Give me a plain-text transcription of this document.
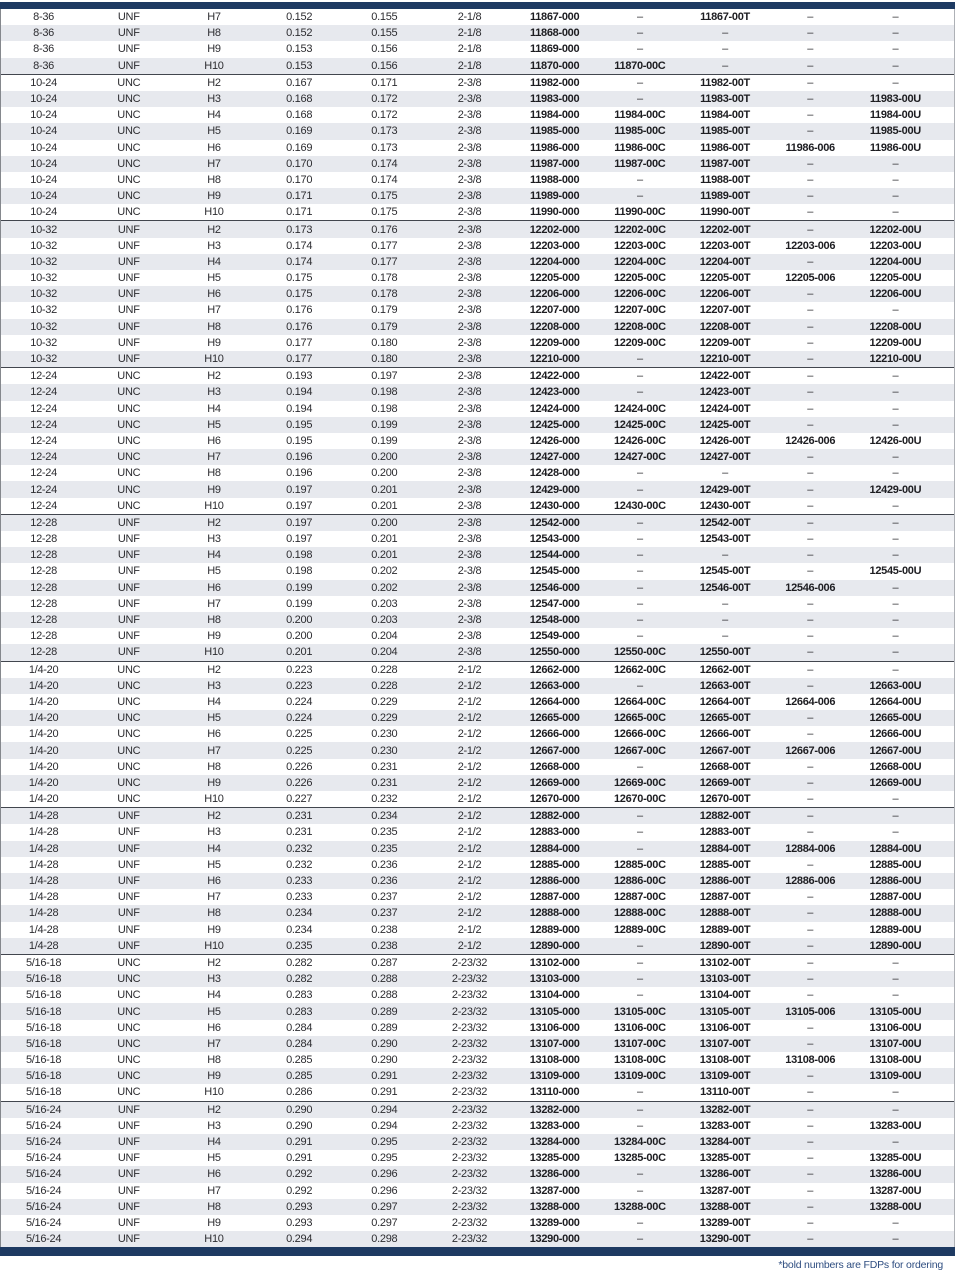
8-36	UNF	H7	0.152	0.155	2-1/8	11867-000	–	11867-00T	–	–
8-36	UNF	H8	0.152	0.155	2-1/8	11868-000	–	–	–	–
8-36	UNF	H9	0.153	0.156	2-1/8	11869-000	–	–	–	–
8-36	UNF	H10	0.153	0.156	2-1/8	11870-000	11870-00C	–	–	–
10-24	UNC	H2	0.167	0.171	2-3/8	11982-000	–	11982-00T	–	–
10-24	UNC	H3	0.168	0.172	2-3/8	11983-000	–	11983-00T	–	11983-00U
10-24	UNC	H4	0.168	0.172	2-3/8	11984-000	11984-00C	11984-00T	–	11984-00U
10-24	UNC	H5	0.169	0.173	2-3/8	11985-000	11985-00C	11985-00T	–	11985-00U
10-24	UNC	H6	0.169	0.173	2-3/8	11986-000	11986-00C	11986-00T	11986-006	11986-00U
10-24	UNC	H7	0.170	0.174	2-3/8	11987-000	11987-00C	11987-00T	–	–
10-24	UNC	H8	0.170	0.174	2-3/8	11988-000	–	11988-00T	–	–
10-24	UNC	H9	0.171	0.175	2-3/8	11989-000	–	11989-00T	–	–
10-24	UNC	H10	0.171	0.175	2-3/8	11990-000	11990-00C	11990-00T	–	–
10-32	UNF	H2	0.173	0.176	2-3/8	12202-000	12202-00C	12202-00T	–	12202-00U
10-32	UNF	H3	0.174	0.177	2-3/8	12203-000	12203-00C	12203-00T	12203-006	12203-00U
10-32	UNF	H4	0.174	0.177	2-3/8	12204-000	12204-00C	12204-00T	–	12204-00U
10-32	UNF	H5	0.175	0.178	2-3/8	12205-000	12205-00C	12205-00T	12205-006	12205-00U
10-32	UNF	H6	0.175	0.178	2-3/8	12206-000	12206-00C	12206-00T	–	12206-00U
10-32	UNF	H7	0.176	0.179	2-3/8	12207-000	12207-00C	12207-00T	–	–
10-32	UNF	H8	0.176	0.179	2-3/8	12208-000	12208-00C	12208-00T	–	12208-00U
10-32	UNF	H9	0.177	0.180	2-3/8	12209-000	12209-00C	12209-00T	–	12209-00U
10-32	UNF	H10	0.177	0.180	2-3/8	12210-000	–	12210-00T	–	12210-00U
12-24	UNC	H2	0.193	0.197	2-3/8	12422-000	–	12422-00T	–	–
12-24	UNC	H3	0.194	0.198	2-3/8	12423-000	–	12423-00T	–	–
12-24	UNC	H4	0.194	0.198	2-3/8	12424-000	12424-00C	12424-00T	–	–
12-24	UNC	H5	0.195	0.199	2-3/8	12425-000	12425-00C	12425-00T	–	–
12-24	UNC	H6	0.195	0.199	2-3/8	12426-000	12426-00C	12426-00T	12426-006	12426-00U
12-24	UNC	H7	0.196	0.200	2-3/8	12427-000	12427-00C	12427-00T	–	–
12-24	UNC	H8	0.196	0.200	2-3/8	12428-000	–	–	–	–
12-24	UNC	H9	0.197	0.201	2-3/8	12429-000	–	12429-00T	–	12429-00U
12-24	UNC	H10	0.197	0.201	2-3/8	12430-000	12430-00C	12430-00T	–	–
12-28	UNF	H2	0.197	0.200	2-3/8	12542-000	–	12542-00T	–	–
12-28	UNF	H3	0.197	0.201	2-3/8	12543-000	–	12543-00T	–	–
12-28	UNF	H4	0.198	0.201	2-3/8	12544-000	–	–	–	–
12-28	UNF	H5	0.198	0.202	2-3/8	12545-000	–	12545-00T	–	12545-00U
12-28	UNF	H6	0.199	0.202	2-3/8	12546-000	–	12546-00T	12546-006	–
12-28	UNF	H7	0.199	0.203	2-3/8	12547-000	–	–	–	–
12-28	UNF	H8	0.200	0.203	2-3/8	12548-000	–	–	–	–
12-28	UNF	H9	0.200	0.204	2-3/8	12549-000	–	–	–	–
12-28	UNF	H10	0.201	0.204	2-3/8	12550-000	12550-00C	12550-00T	–	–
1/4-20	UNC	H2	0.223	0.228	2-1/2	12662-000	12662-00C	12662-00T	–	–
1/4-20	UNC	H3	0.223	0.228	2-1/2	12663-000	–	12663-00T	–	12663-00U
1/4-20	UNC	H4	0.224	0.229	2-1/2	12664-000	12664-00C	12664-00T	12664-006	12664-00U
1/4-20	UNC	H5	0.224	0.229	2-1/2	12665-000	12665-00C	12665-00T	–	12665-00U
1/4-20	UNC	H6	0.225	0.230	2-1/2	12666-000	12666-00C	12666-00T	–	12666-00U
1/4-20	UNC	H7	0.225	0.230	2-1/2	12667-000	12667-00C	12667-00T	12667-006	12667-00U
1/4-20	UNC	H8	0.226	0.231	2-1/2	12668-000	–	12668-00T	–	12668-00U
1/4-20	UNC	H9	0.226	0.231	2-1/2	12669-000	12669-00C	12669-00T	–	12669-00U
1/4-20	UNC	H10	0.227	0.232	2-1/2	12670-000	12670-00C	12670-00T	–	–
1/4-28	UNF	H2	0.231	0.234	2-1/2	12882-000	–	12882-00T	–	–
1/4-28	UNF	H3	0.231	0.235	2-1/2	12883-000	–	12883-00T	–	–
1/4-28	UNF	H4	0.232	0.235	2-1/2	12884-000	–	12884-00T	12884-006	12884-00U
1/4-28	UNF	H5	0.232	0.236	2-1/2	12885-000	12885-00C	12885-00T	–	12885-00U
1/4-28	UNF	H6	0.233	0.236	2-1/2	12886-000	12886-00C	12886-00T	12886-006	12886-00U
1/4-28	UNF	H7	0.233	0.237	2-1/2	12887-000	12887-00C	12887-00T	–	12887-00U
1/4-28	UNF	H8	0.234	0.237	2-1/2	12888-000	12888-00C	12888-00T	–	12888-00U
1/4-28	UNF	H9	0.234	0.238	2-1/2	12889-000	12889-00C	12889-00T	–	12889-00U
1/4-28	UNF	H10	0.235	0.238	2-1/2	12890-000	–	12890-00T	–	12890-00U
5/16-18	UNC	H2	0.282	0.287	2-23/32	13102-000	–	13102-00T	–	–
5/16-18	UNC	H3	0.282	0.288	2-23/32	13103-000	–	13103-00T	–	–
5/16-18	UNC	H4	0.283	0.288	2-23/32	13104-000	–	13104-00T	–	–
5/16-18	UNC	H5	0.283	0.289	2-23/32	13105-000	13105-00C	13105-00T	13105-006	13105-00U
5/16-18	UNC	H6	0.284	0.289	2-23/32	13106-000	13106-00C	13106-00T	–	13106-00U
5/16-18	UNC	H7	0.284	0.290	2-23/32	13107-000	13107-00C	13107-00T	–	13107-00U
5/16-18	UNC	H8	0.285	0.290	2-23/32	13108-000	13108-00C	13108-00T	13108-006	13108-00U
5/16-18	UNC	H9	0.285	0.291	2-23/32	13109-000	13109-00C	13109-00T	–	13109-00U
5/16-18	UNC	H10	0.286	0.291	2-23/32	13110-000	–	13110-00T	–	–
5/16-24	UNF	H2	0.290	0.294	2-23/32	13282-000	–	13282-00T	–	–
5/16-24	UNF	H3	0.290	0.294	2-23/32	13283-000	–	13283-00T	–	13283-00U
5/16-24	UNF	H4	0.291	0.295	2-23/32	13284-000	13284-00C	13284-00T	–	–
5/16-24	UNF	H5	0.291	0.295	2-23/32	13285-000	13285-00C	13285-00T	–	13285-00U
5/16-24	UNF	H6	0.292	0.296	2-23/32	13286-000	–	13286-00T	–	13286-00U
5/16-24	UNF	H7	0.292	0.296	2-23/32	13287-000	–	13287-00T	–	13287-00U
5/16-24	UNF	H8	0.293	0.297	2-23/32	13288-000	13288-00C	13288-00T	–	13288-00U
5/16-24	UNF	H9	0.293	0.297	2-23/32	13289-000	–	13289-00T	–	–
5/16-24	UNF	H10	0.294	0.298	2-23/32	13290-000	–	13290-00T	–	–
*bold numbers are FDPs for ordering
